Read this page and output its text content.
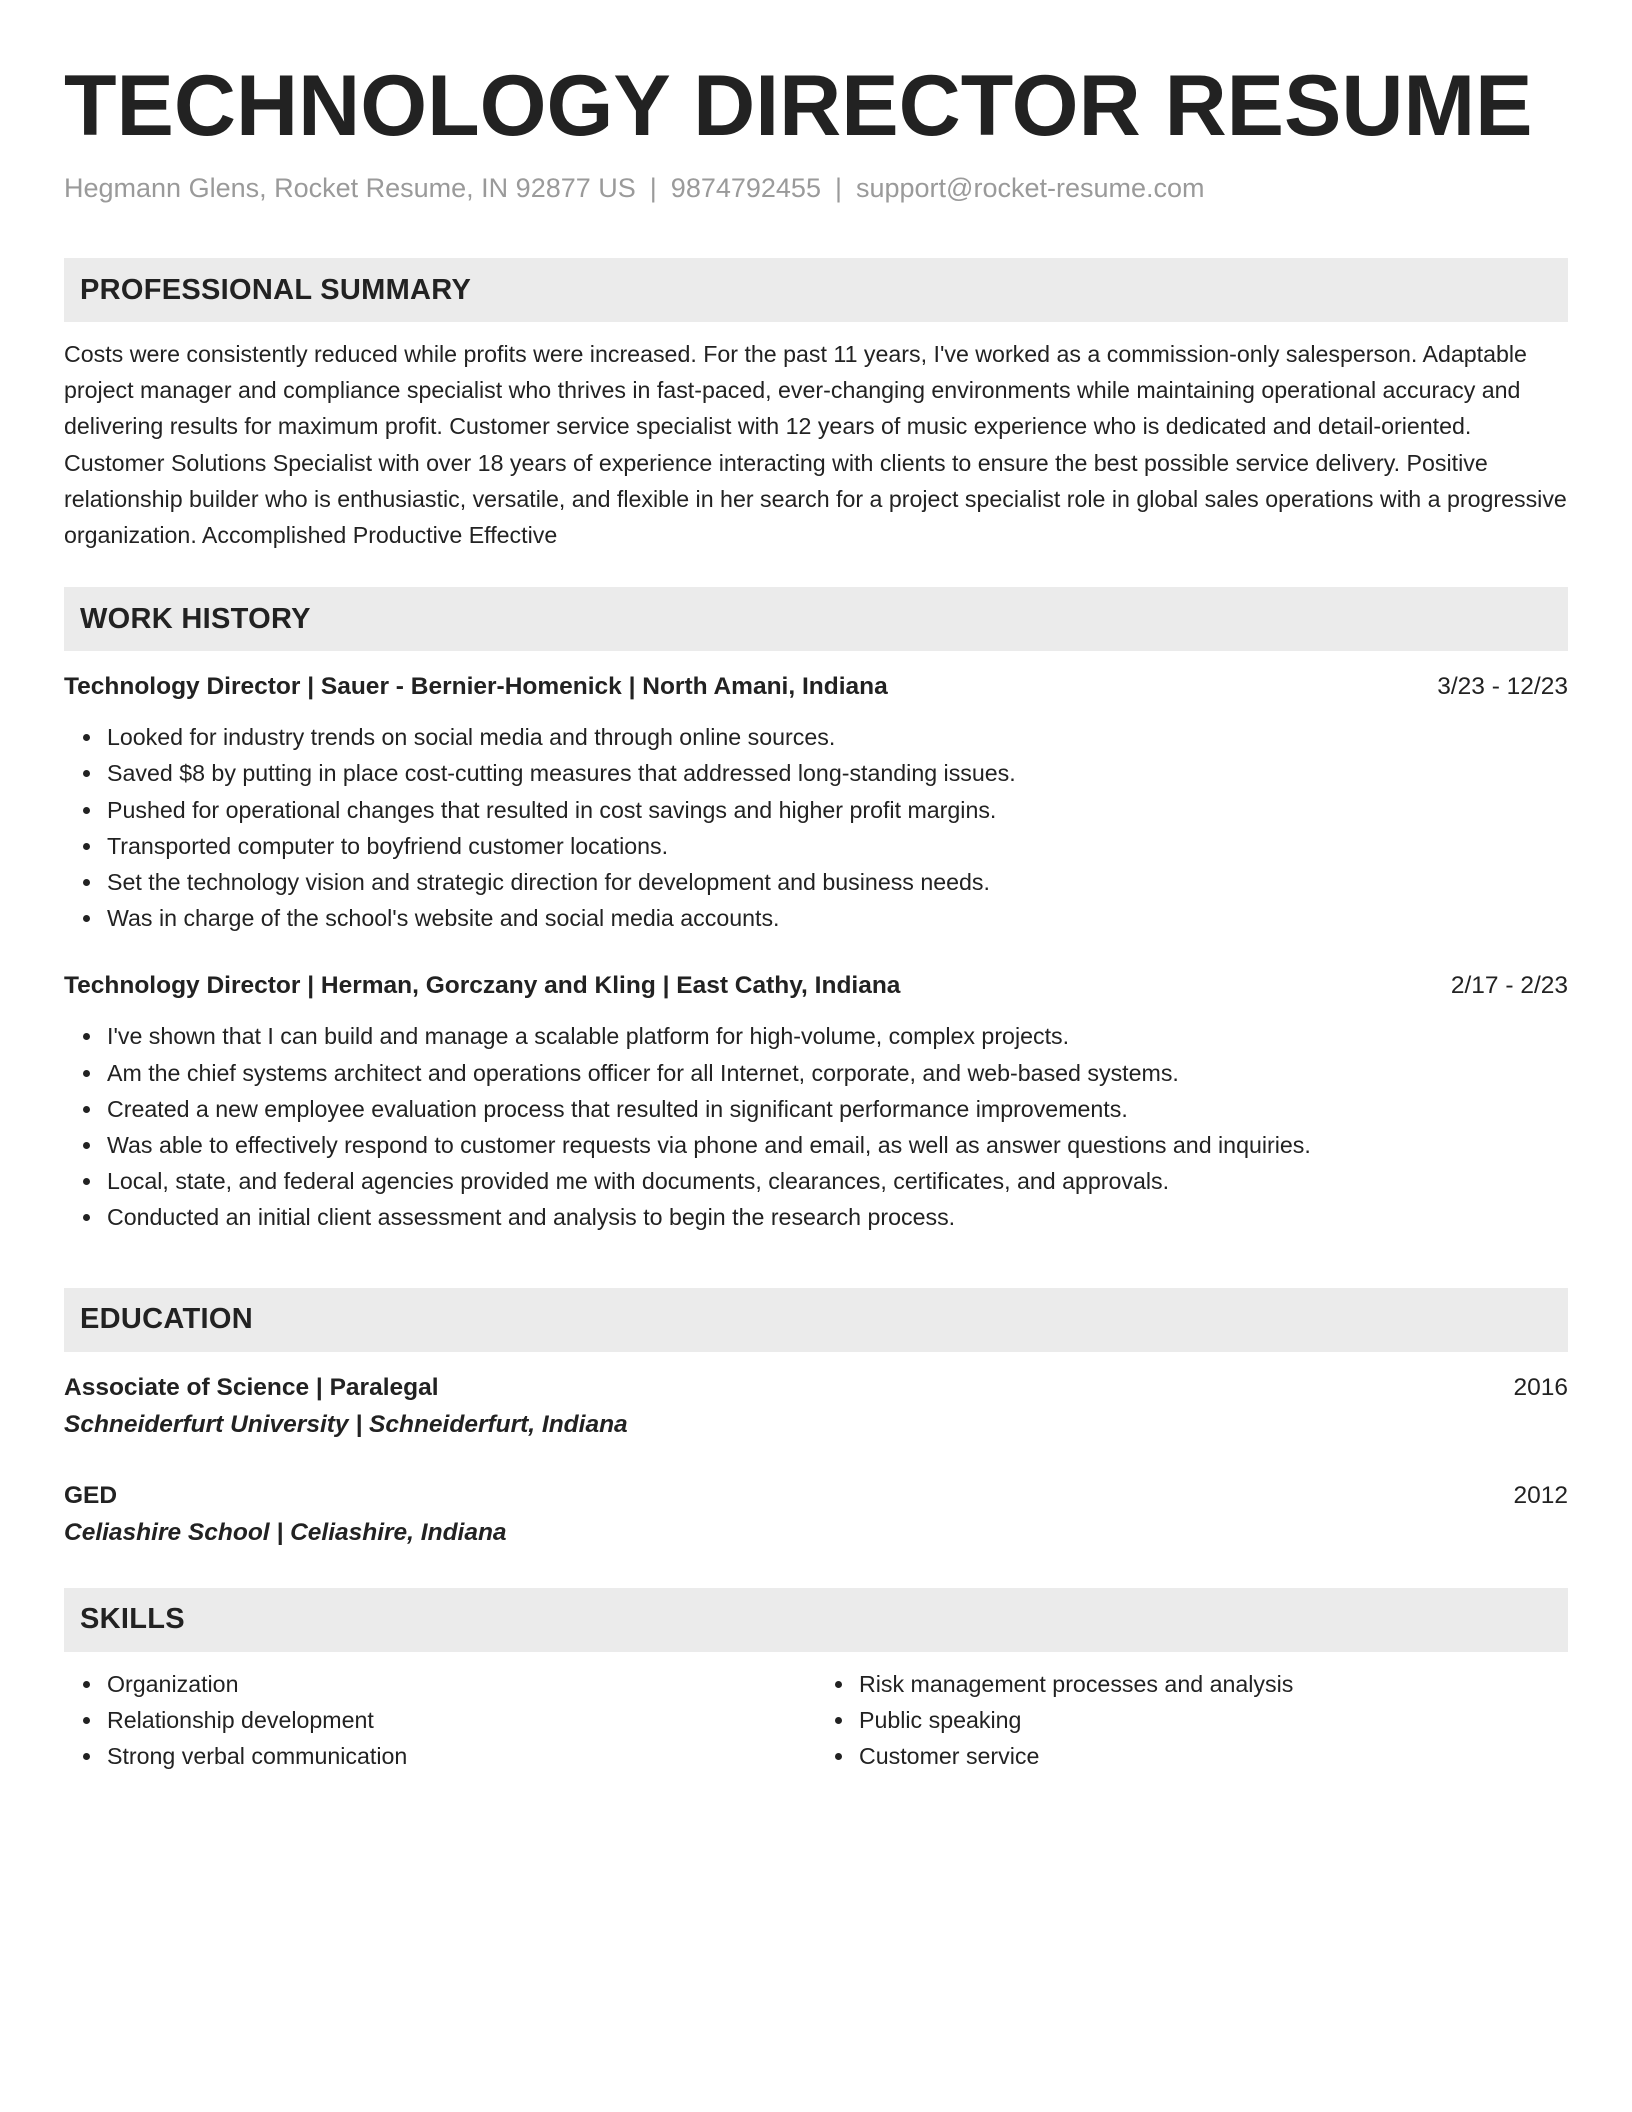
TECHNOLOGY DIRECTOR RESUME
Hegmann Glens, Rocket Resume, IN 92877 US | 9874792455 | support@rocket-resume.com
PROFESSIONAL SUMMARY
Costs were consistently reduced while profits were increased. For the past 11 years, I've worked as a commission-only salesperson. Adaptable project manager and compliance specialist who thrives in fast-paced, ever-changing environments while maintaining operational accuracy and delivering results for maximum profit. Customer service specialist with 12 years of music experience who is dedicated and detail-oriented. Customer Solutions Specialist with over 18 years of experience interacting with clients to ensure the best possible service delivery. Positive relationship builder who is enthusiastic, versatile, and flexible in her search for a project specialist role in global sales operations with a progressive organization. Accomplished Productive Effective
WORK HISTORY
Technology Director | Sauer - Bernier-Homenick | North Amani, Indiana	3/23 - 12/23
Looked for industry trends on social media and through online sources.
Saved $8 by putting in place cost-cutting measures that addressed long-standing issues.
Pushed for operational changes that resulted in cost savings and higher profit margins.
Transported computer to boyfriend customer locations.
Set the technology vision and strategic direction for development and business needs.
Was in charge of the school's website and social media accounts.
Technology Director | Herman, Gorczany and Kling | East Cathy, Indiana	2/17 - 2/23
I've shown that I can build and manage a scalable platform for high-volume, complex projects.
Am the chief systems architect and operations officer for all Internet, corporate, and web-based systems.
Created a new employee evaluation process that resulted in significant performance improvements.
Was able to effectively respond to customer requests via phone and email, as well as answer questions and inquiries.
Local, state, and federal agencies provided me with documents, clearances, certificates, and approvals.
Conducted an initial client assessment and analysis to begin the research process.
EDUCATION
Associate of Science | Paralegal	2016
Schneiderfurt University | Schneiderfurt, Indiana
GED	2012
Celiashire School | Celiashire, Indiana
SKILLS
Organization
Relationship development
Strong verbal communication
Risk management processes and analysis
Public speaking
Customer service
